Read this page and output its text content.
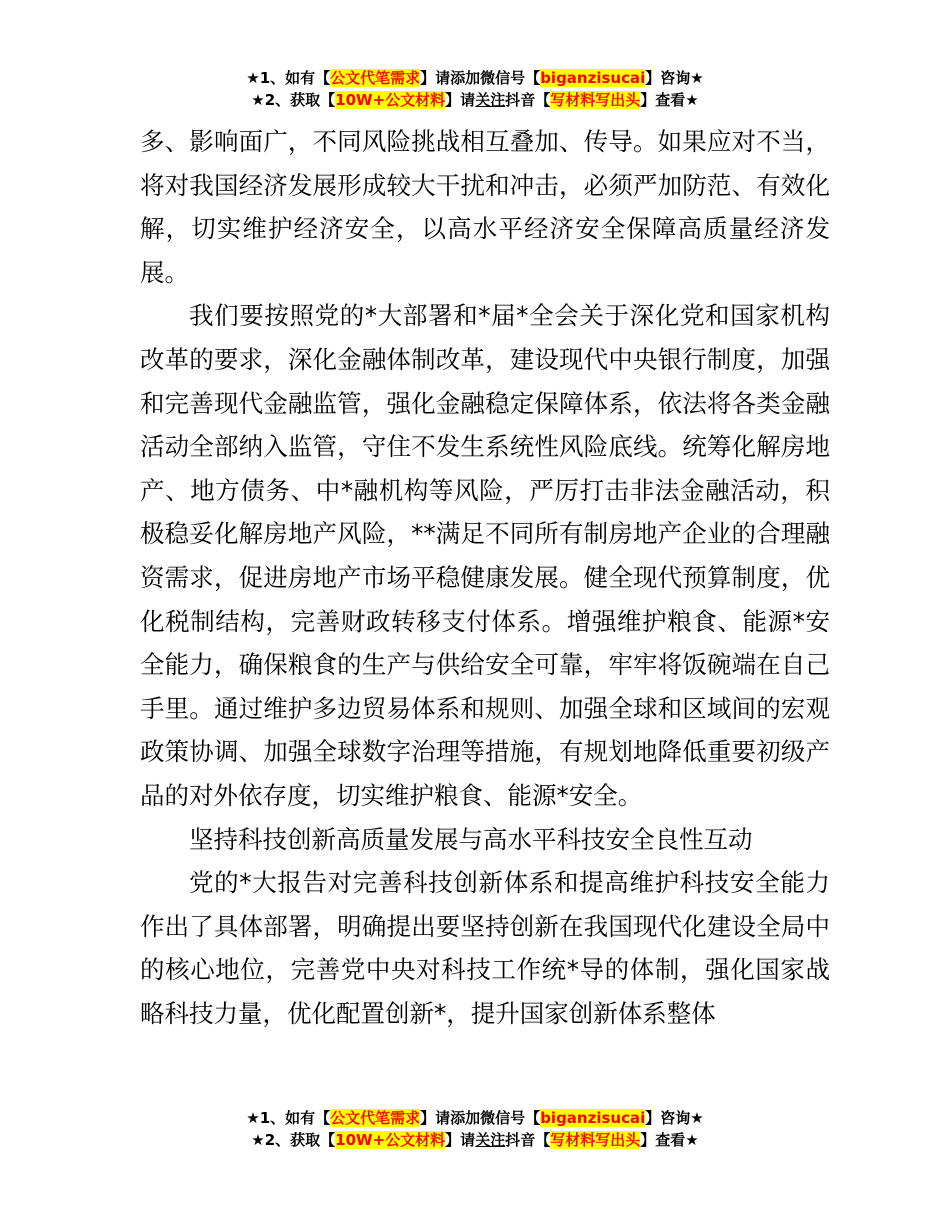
★1、如有【公文代笔需求】请添加微信号【biganzisucai】咨询★
★2、获取【10W+公文材料】请关注抖音【写材料写出头】查看★

多、影响面广，不同风险挑战相互叠加、传导。如果应对不当，将对我国经济发展形成较大干扰和冲击，必须严加防范、有效化解，切实维护经济安全，以高水平经济安全保障高质量经济发展。

我们要按照党的*大部署和*届*全会关于深化党和国家机构改革的要求，深化金融体制改革，建设现代中央银行制度，加强和完善现代金融监管，强化金融稳定保障体系，依法将各类金融活动全部纳入监管，守住不发生系统性风险底线。统筹化解房地产、地方债务、中*融机构等风险，严厉打击非法金融活动，积极稳妥化解房地产风险，**满足不同所有制房地产企业的合理融资需求，促进房地产市场平稳健康发展。健全现代预算制度，优化税制结构，完善财政转移支付体系。增强维护粮食、能源*安全能力，确保粮食的生产与供给安全可靠，牢牢将饭碗端在自己手里。通过维护多边贸易体系和规则、加强全球和区域间的宏观政策协调、加强全球数字治理等措施，有规划地降低重要初级产品的对外依存度，切实维护粮食、能源*安全。

坚持科技创新高质量发展与高水平科技安全良性互动

党的*大报告对完善科技创新体系和提高维护科技安全能力作出了具体部署，明确提出要坚持创新在我国现代化建设全局中的核心地位，完善党中央对科技工作统*导的体制，强化国家战略科技力量，优化配置创新*，提升国家创新体系整体

★1、如有【公文代笔需求】请添加微信号【biganzisucai】咨询★
★2、获取【10W+公文材料】请关注抖音【写材料写出头】查看★
